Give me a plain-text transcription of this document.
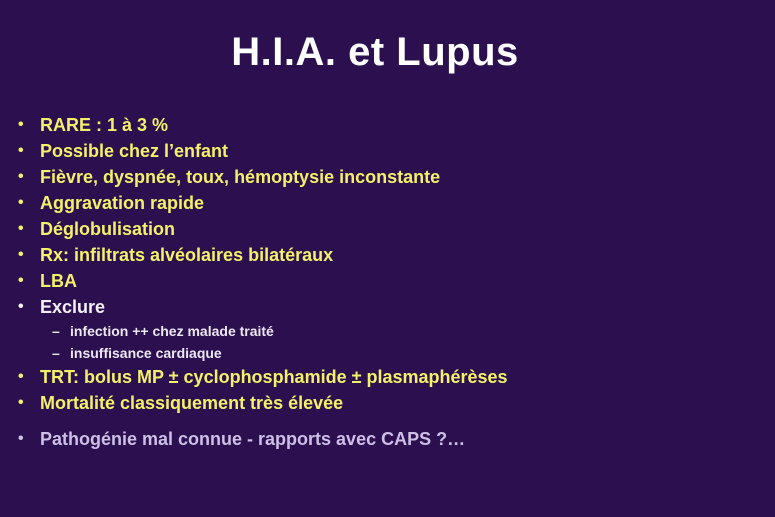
H.I.A. et Lupus
• RARE : 1 à 3 %
• Possible chez l’enfant
• Fièvre, dyspnée, toux, hémoptysie inconstante
• Aggravation rapide
• Déglobulisation
• Rx: infiltrats alvéolaires bilatéraux
• LBA
• Exclure
– infection ++ chez malade traité
– insuffisance cardiaque
• TRT: bolus MP ± cyclophosphamide ± plasmaphérèses
• Mortalité classiquement très élevée
• Pathogénie mal connue - rapports avec CAPS ?…
